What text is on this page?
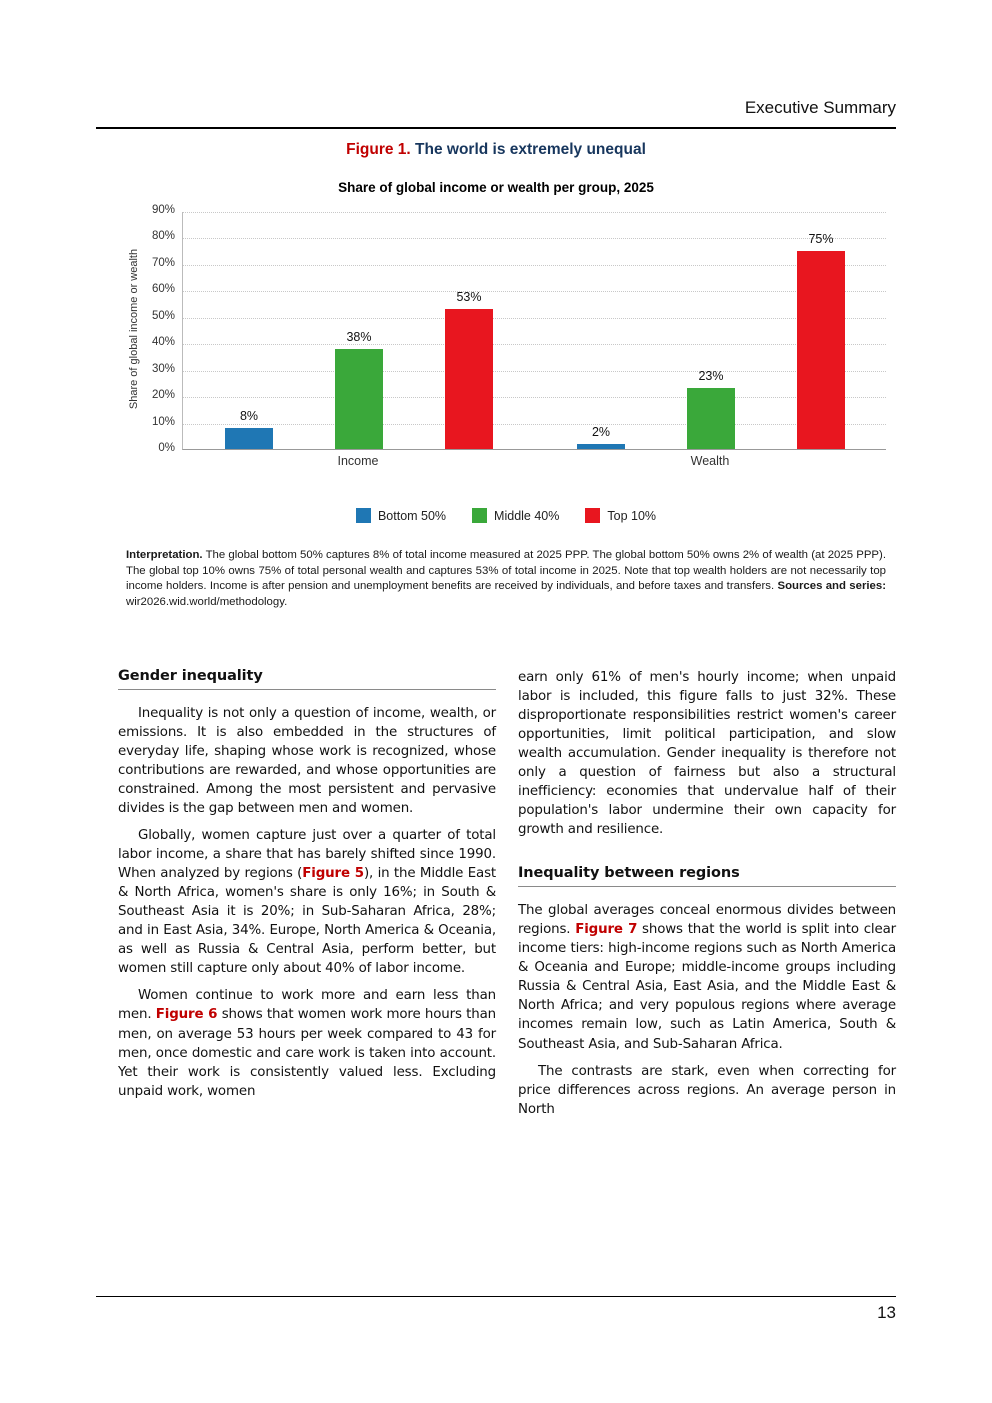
Executive Summary
Figure 1. The world is extremely unequal
Share of global income or wealth per group, 2025
Share of global income or wealth
0%
10%
20%
30%
40%
50%
60%
70%
80%
90%
8%
38%
53%
2%
23%
75%
Income	Wealth
Bottom 50%	Middle 40%	Top 10%
Interpretation. The global bottom 50% captures 8% of total income measured at 2025 PPP. The global bottom 50% owns 2% of wealth (at 2025 PPP). The global top 10% owns 75% of total personal wealth and captures 53% of total income in 2025. Note that top wealth holders are not necessarily top income holders. Income is after pension and unemployment benefits are received by individuals, and before taxes and transfers. Sources and series: wir2026.wid.world/methodology.
Gender inequality

Inequality is not only a question of income, wealth, or emissions. It is also embedded in the structures of everyday life, shaping whose work is recognized, whose contributions are rewarded, and whose opportunities are constrained. Among the most persistent and pervasive divides is the gap between men and women.

Globally, women capture just over a quarter of total labor income, a share that has barely shifted since 1990. When analyzed by regions (Figure 5), in the Middle East & North Africa, women's share is only 16%; in South & Southeast Asia it is 20%; in Sub-Saharan Africa, 28%; and in East Asia, 34%. Europe, North America & Oceania, as well as Russia & Central Asia, perform better, but women still capture only about 40% of labor income.

Women continue to work more and earn less than men. Figure 6 shows that women work more hours than men, on average 53 hours per week compared to 43 for men, once domestic and care work is taken into account. Yet their work is consistently valued less. Excluding unpaid work, women

earn only 61% of men's hourly income; when unpaid labor is included, this figure falls to just 32%. These disproportionate responsibilities restrict women's career opportunities, limit political participation, and slow wealth accumulation. Gender inequality is therefore not only a question of fairness but also a structural inefficiency: economies that undervalue half of their population's labor undermine their own capacity for growth and resilience.

Inequality between regions

The global averages conceal enormous divides between regions. Figure 7 shows that the world is split into clear income tiers: high-income regions such as North America & Oceania and Europe; middle-income groups including Russia & Central Asia, East Asia, and the Middle East & North Africa; and very populous regions where average incomes remain low, such as Latin America, South & Southeast Asia, and Sub-Saharan Africa.

The contrasts are stark, even when correcting for price differences across regions. An average person in North

13
